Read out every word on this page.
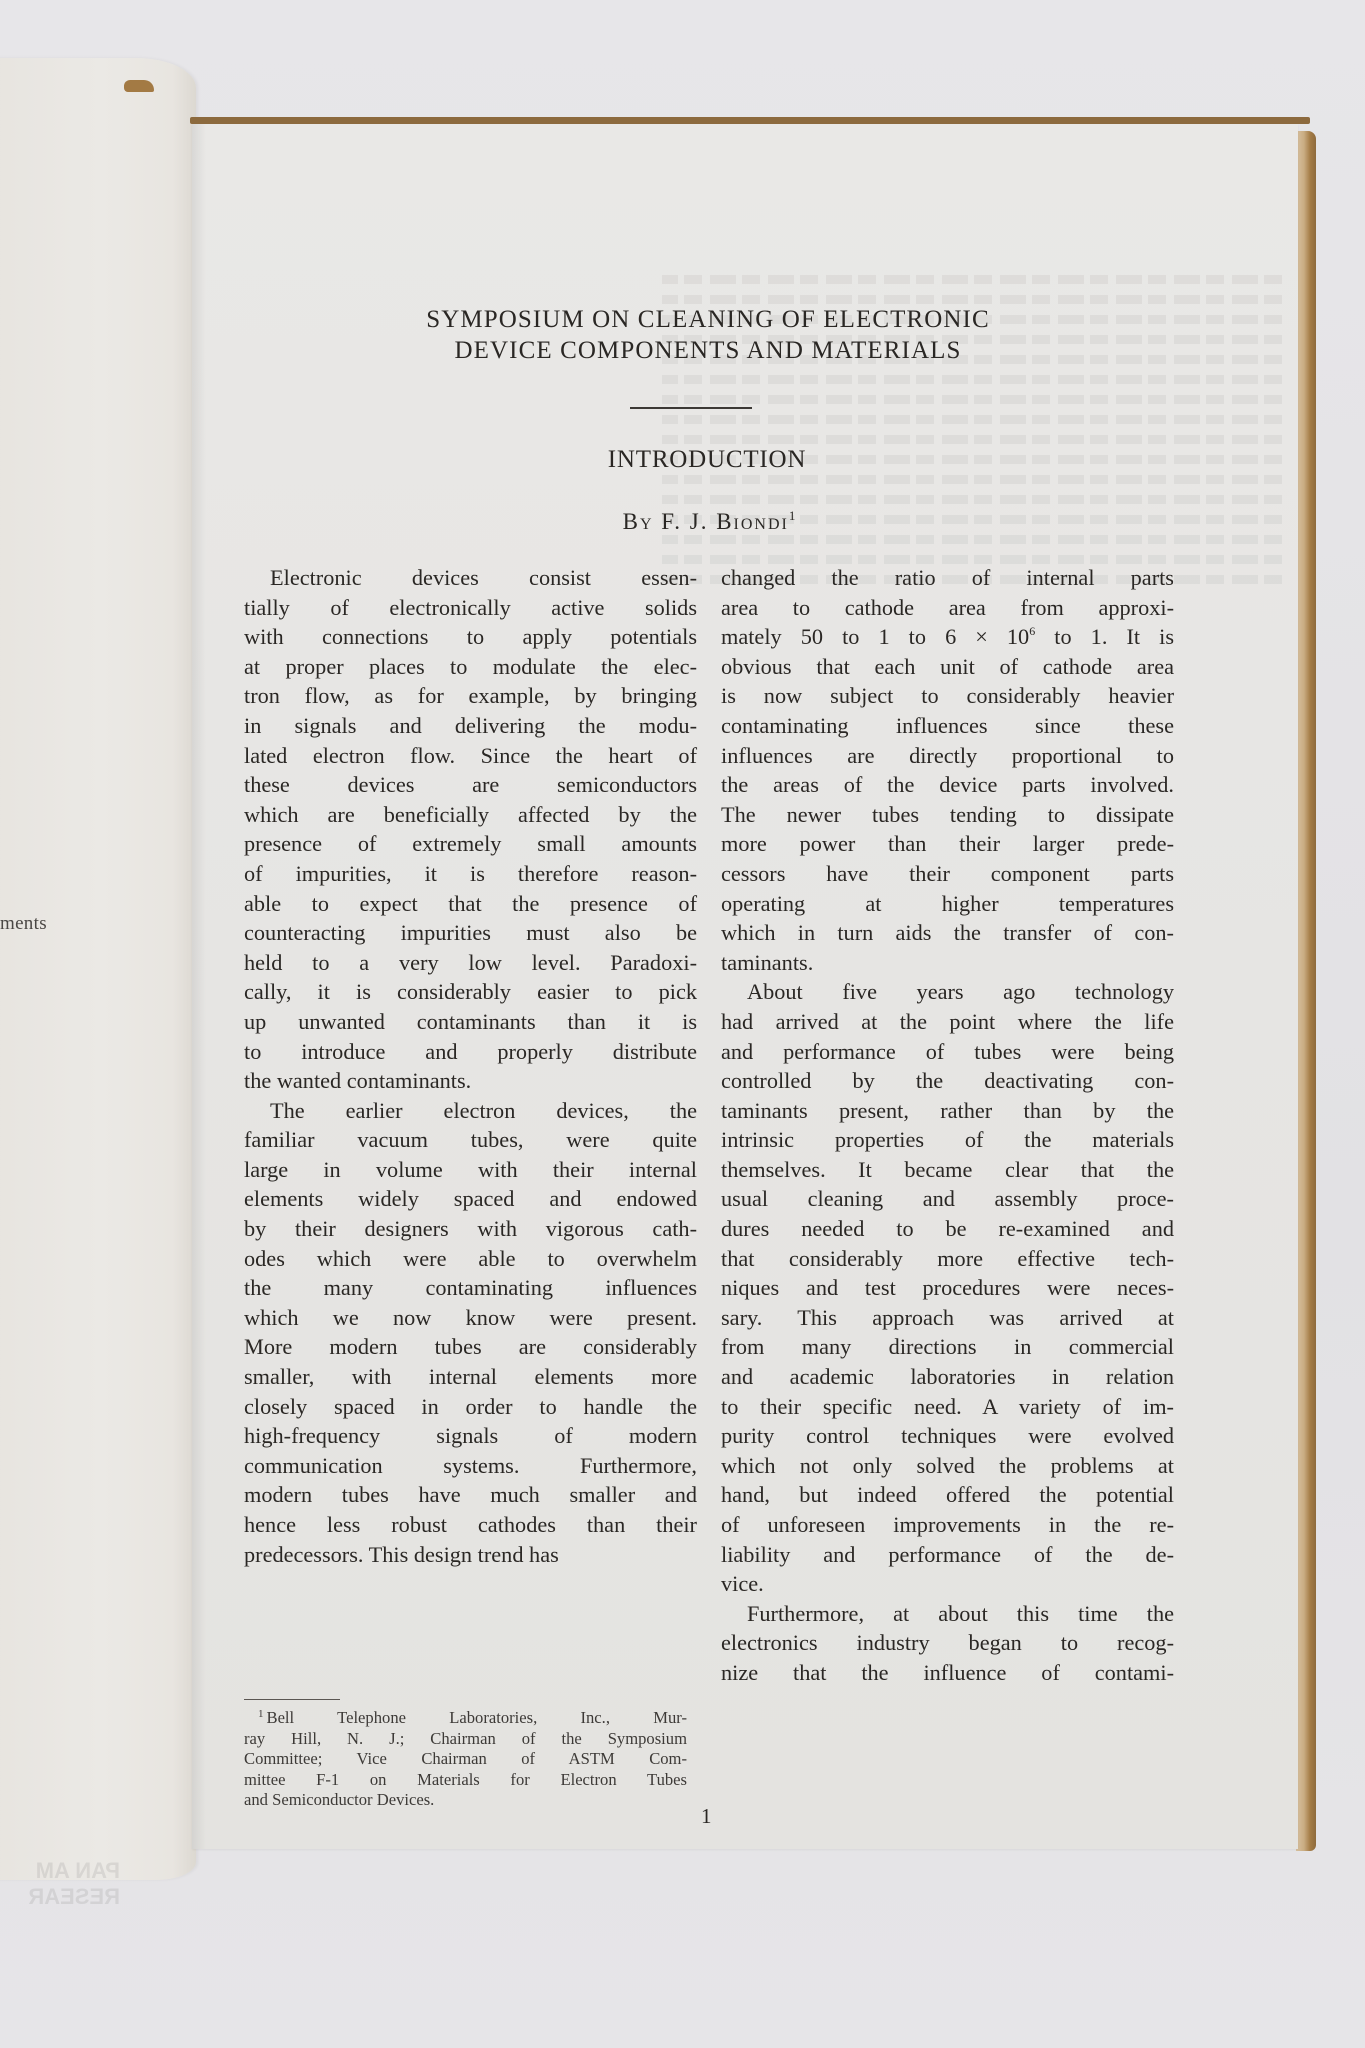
ments
PAN AM
RESEAR
SYMPOSIUM ON CLEANING OF ELECTRONIC
DEVICE COMPONENTS AND MATERIALS
INTRODUCTION
By F. J. Biondi$^1$
Electronic devices consist essen-
tially of electronically active solids
with connections to apply potentials
at proper places to modulate the elec-
tron flow, as for example, by bringing
in signals and delivering the modu-
lated electron flow. Since the heart of
these devices are semiconductors
which are beneficially affected by the
presence of extremely small amounts
of impurities, it is therefore reason-
able to expect that the presence of
counteracting impurities must also be
held to a very low level. Paradoxi-
cally, it is considerably easier to pick
up unwanted contaminants than it is
to introduce and properly distribute
the wanted contaminants.
The earlier electron devices, the
familiar vacuum tubes, were quite
large in volume with their internal
elements widely spaced and endowed
by their designers with vigorous cath-
odes which were able to overwhelm
the many contaminating influences
which we now know were present.
More modern tubes are considerably
smaller, with internal elements more
closely spaced in order to handle the
high-frequency signals of modern
communication systems. Furthermore,
modern tubes have much smaller and
hence less robust cathodes than their
predecessors. This design trend has
changed the ratio of internal parts
area to cathode area from approxi-
mately 50 to 1 to $6 \times 10^6$ to 1. It is
obvious that each unit of cathode area
is now subject to considerably heavier
contaminating influences since these
influences are directly proportional to
the areas of the device parts involved.
The newer tubes tending to dissipate
more power than their larger prede-
cessors have their component parts
operating at higher temperatures
which in turn aids the transfer of con-
taminants.
About five years ago technology
had arrived at the point where the life
and performance of tubes were being
controlled by the deactivating con-
taminants present, rather than by the
intrinsic properties of the materials
themselves. It became clear that the
usual cleaning and assembly proce-
dures needed to be re-examined and
that considerably more effective tech-
niques and test procedures were neces-
sary. This approach was arrived at
from many directions in commercial
and academic laboratories in relation
to their specific need. A variety of im-
purity control techniques were evolved
which not only solved the problems at
hand, but indeed offered the potential
of unforeseen improvements in the re-
liability and performance of the de-
vice.
Furthermore, at about this time the
electronics industry began to recog-
nize that the influence of contami-
$^1$ Bell Telephone Laboratories, Inc., Mur-
ray Hill, N. J.; Chairman of the Symposium
Committee; Vice Chairman of ASTM Com-
mittee F-1 on Materials for Electron Tubes
and Semiconductor Devices.
1
